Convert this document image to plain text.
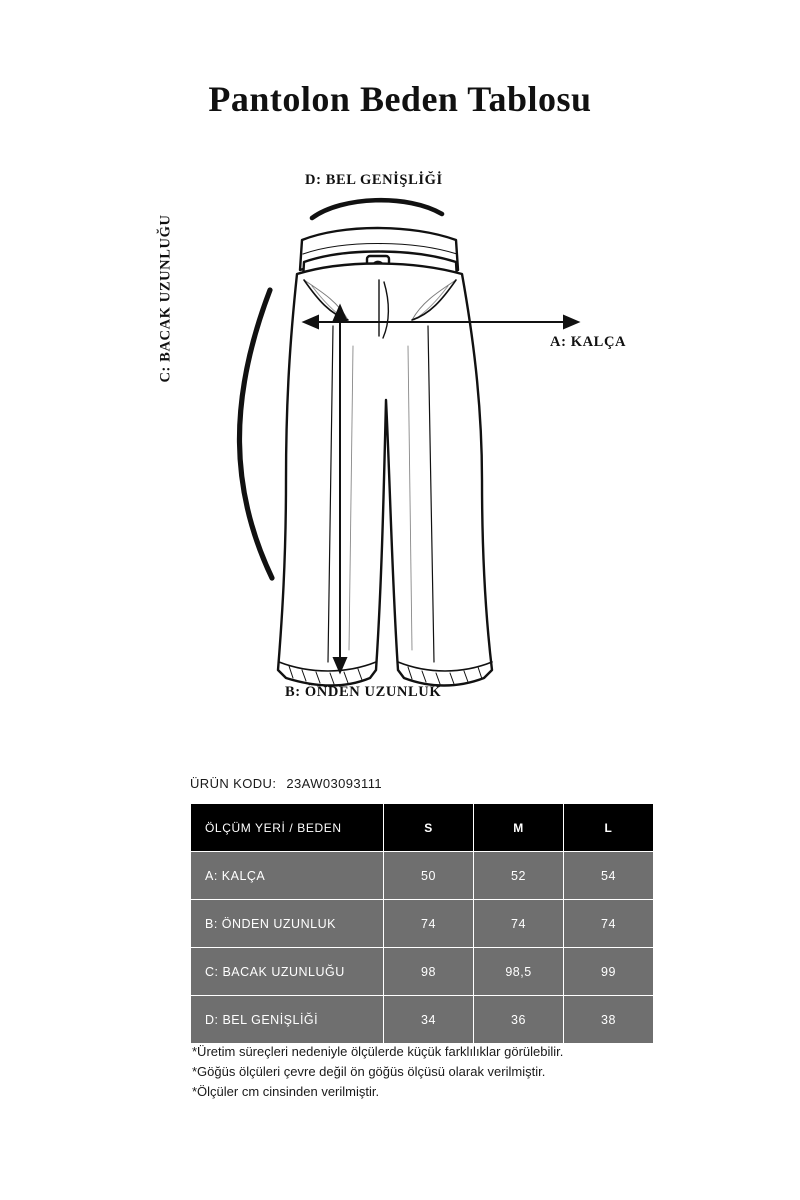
Pantolon Beden Tablosu
D: BEL GENİŞLİĞİ
A: KALÇA
C: BACAK UZUNLUĞU
B: ÖNDEN UZUNLUK
ÜRÜN KODU: 23AW03093111
ÖLÇÜM YERİ / BEDEN	S	M	L
A: KALÇA	50	52	54
B: ÖNDEN UZUNLUK	74	74	74
C: BACAK UZUNLUĞU	98	98,5	99
D: BEL GENİŞLİĞİ	34	36	38
*Üretim süreçleri nedeniyle ölçülerde küçük farklılıklar görülebilir.
*Göğüs ölçüleri çevre değil ön göğüs ölçüsü olarak verilmiştir.
*Ölçüler cm cinsinden verilmiştir.
